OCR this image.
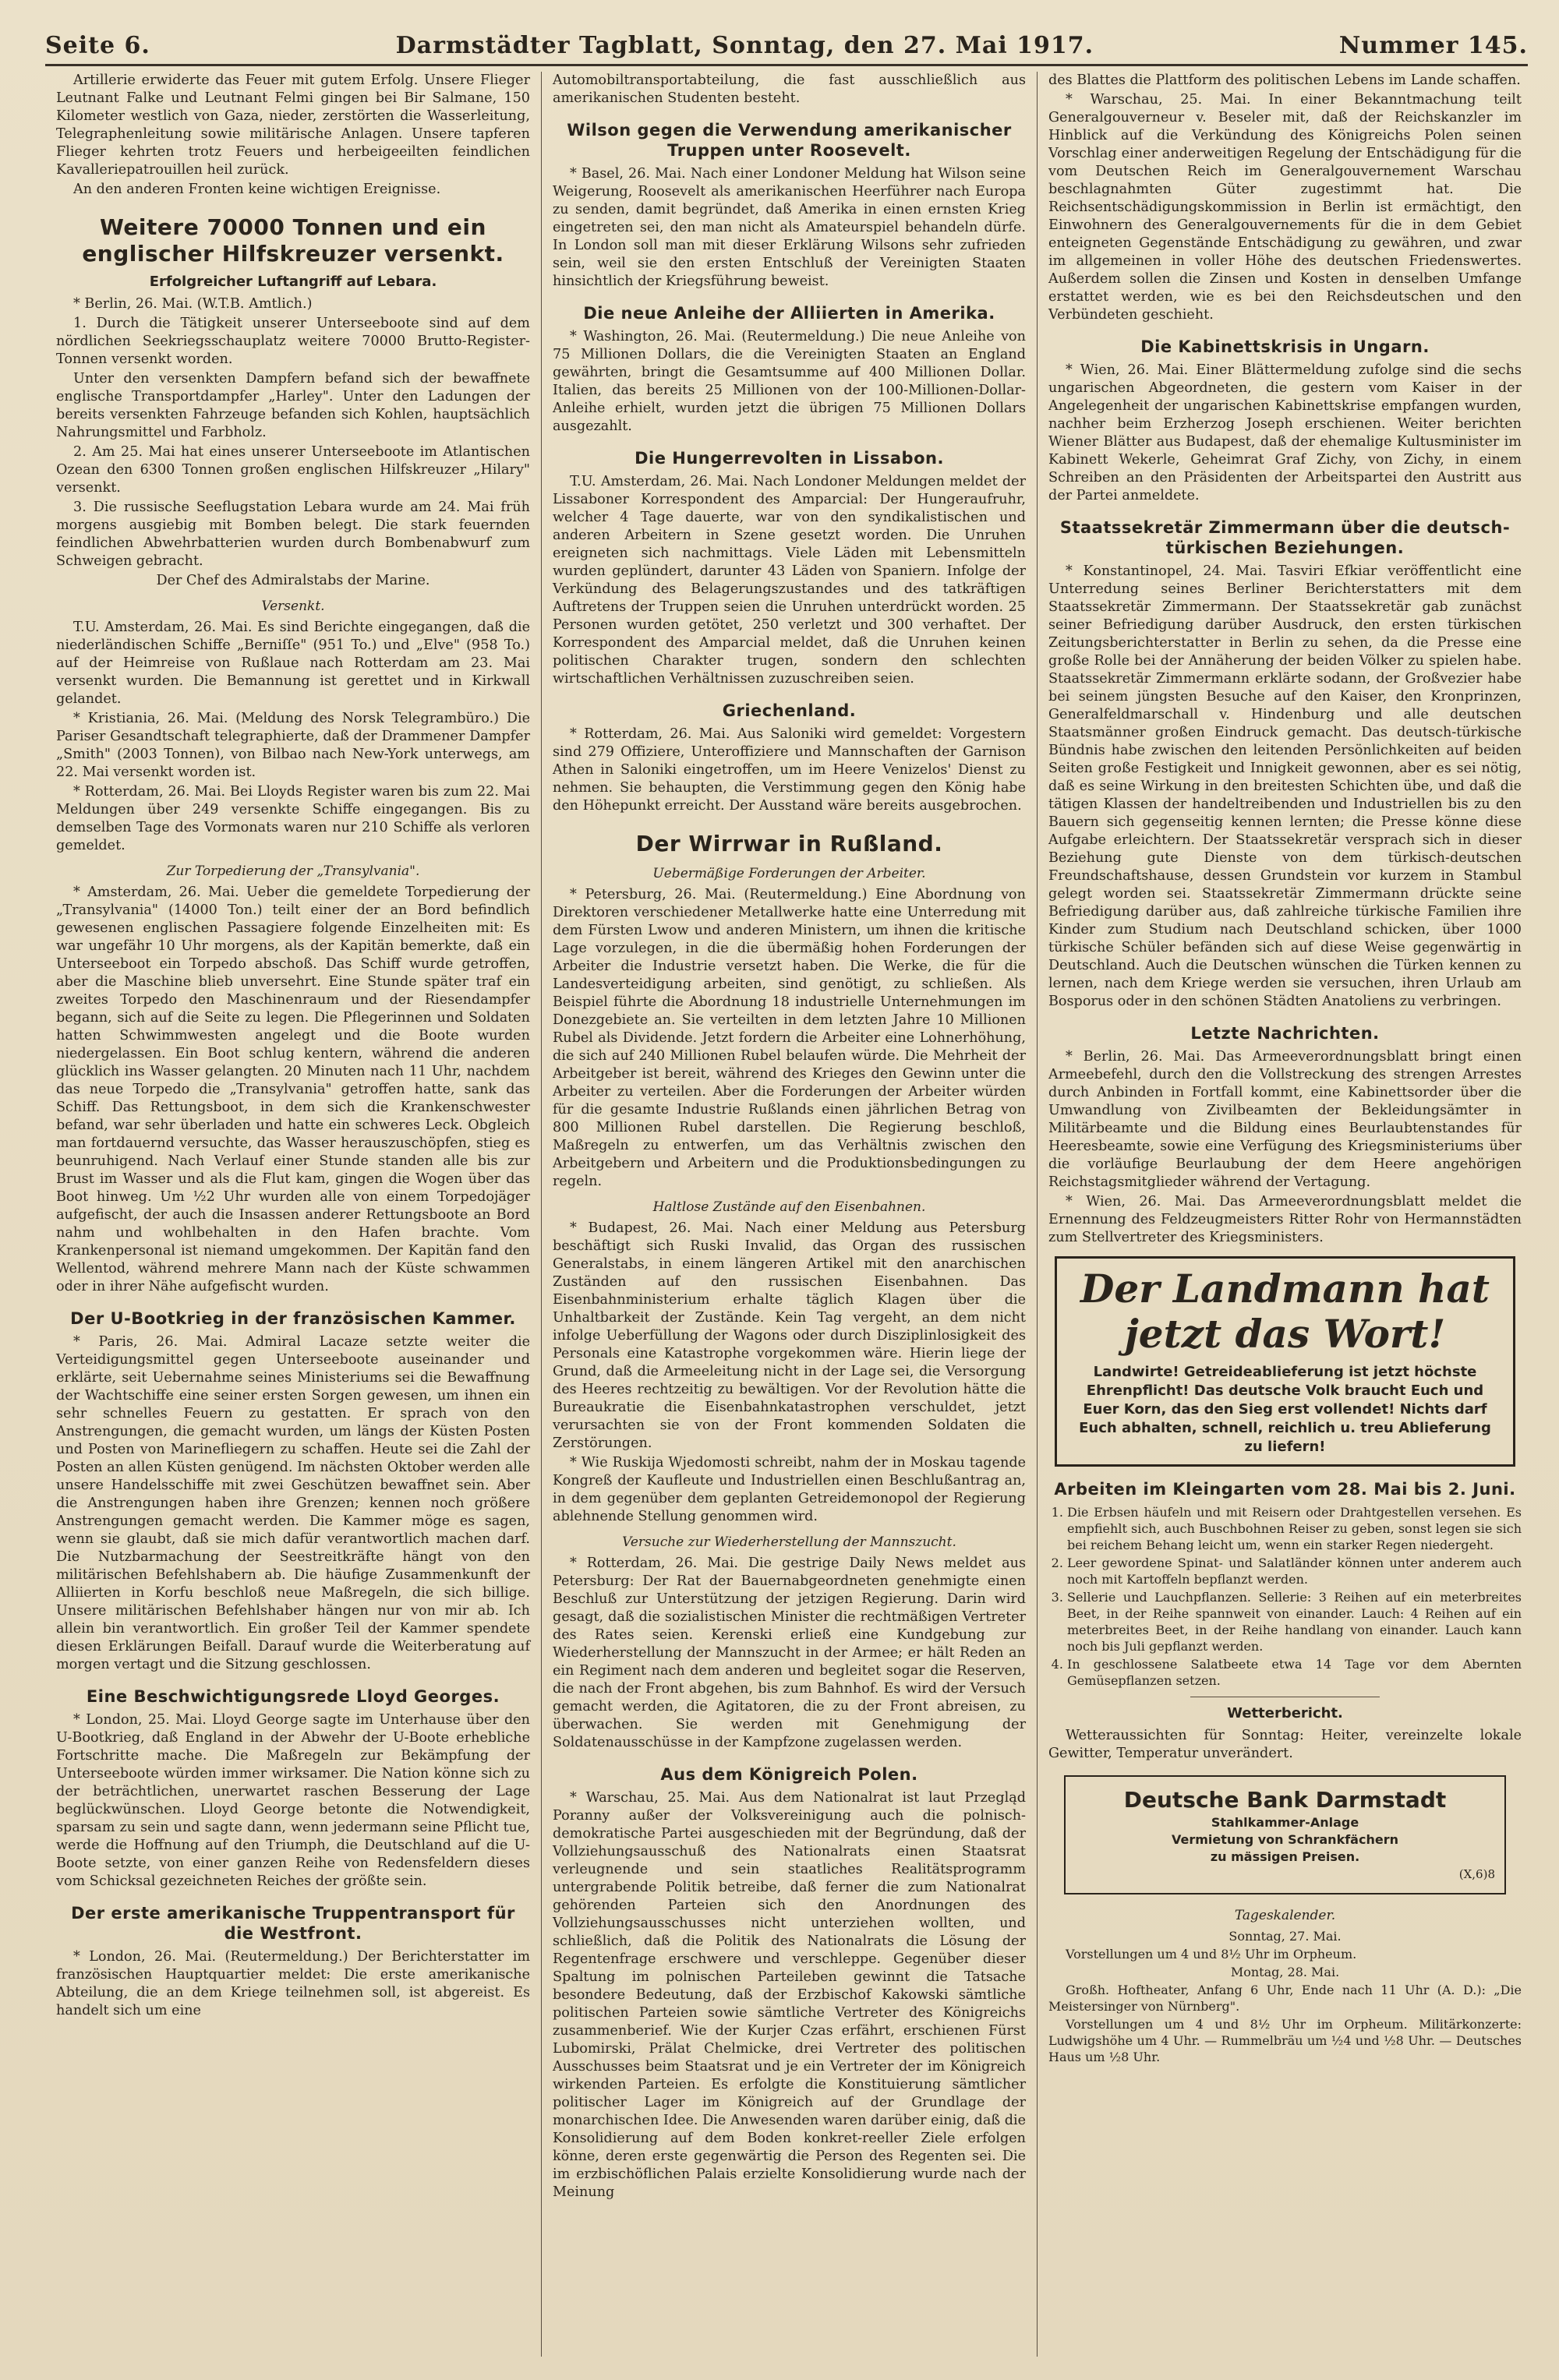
Seite 6.	Darmstädter Tagblatt, Sonntag, den 27. Mai 1917.	Nummer 145.

Artillerie erwiderte das Feuer mit gutem Erfolg. Unsere Flieger Leutnant Falke und Leutnant Felmi gingen bei Bir Salmane, 150 Kilometer westlich von Gaza, nieder, zerstörten die Wasserleitung, Telegraphenleitung sowie militärische Anlagen. Unsere tapferen Flieger kehrten trotz Feuers und herbeigeeilten feindlichen Kavalleriepatrouillen heil zurück.

An den anderen Fronten keine wichtigen Ereignisse.

Weitere 70000 Tonnen und ein englischer Hilfskreuzer versenkt.
Erfolgreicher Luftangriff auf Lebara.

* Berlin, 26. Mai. (W.T.B. Amtlich.)

1. Durch die Tätigkeit unserer Unterseeboote sind auf dem nördlichen Seekriegsschauplatz weitere 70000 Brutto-Register-Tonnen versenkt worden.

Unter den versenkten Dampfern befand sich der bewaffnete englische Transportdampfer „Harley". Unter den Ladungen der bereits versenkten Fahrzeuge befanden sich Kohlen, hauptsächlich Nahrungsmittel und Farbholz.

2. Am 25. Mai hat eines unserer Unterseeboote im Atlantischen Ozean den 6300 Tonnen großen englischen Hilfskreuzer „Hilary" versenkt.

3. Die russische Seeflugstation Lebara wurde am 24. Mai früh morgens ausgiebig mit Bomben belegt. Die stark feuernden feindlichen Abwehrbatterien wurden durch Bombenabwurf zum Schweigen gebracht.

Der Chef des Admiralstabs der Marine.

Versenkt.

T.U. Amsterdam, 26. Mai. Es sind Berichte eingegangen, daß die niederländischen Schiffe „Berniſſe" (951 To.) und „Elve" (958 To.) auf der Heimreise von Rußlaue nach Rotterdam am 23. Mai versenkt wurden. Die Bemannung ist gerettet und in Kirkwall gelandet.

* Kristiania, 26. Mai. (Meldung des Norsk Telegrambüro.) Die Pariser Gesandtschaft telegraphierte, daß der Drammener Dampfer „Smith" (2003 Tonnen), von Bilbao nach New-York unterwegs, am 22. Mai versenkt worden ist.

* Rotterdam, 26. Mai. Bei Lloyds Register waren bis zum 22. Mai Meldungen über 249 versenkte Schiffe eingegangen. Bis zu demselben Tage des Vormonats waren nur 210 Schiffe als verloren gemeldet.

Zur Torpedierung der „Transylvania".

* Amsterdam, 26. Mai. Ueber die gemeldete Torpedierung der „Transylvania" (14000 Ton.) teilt einer der an Bord befindlich gewesenen englischen Passagiere folgende Einzelheiten mit: Es war ungefähr 10 Uhr morgens, als der Kapitän bemerkte, daß ein Unterseeboot ein Torpedo abschoß. Das Schiff wurde getroffen, aber die Maschine blieb unversehrt. Eine Stunde später traf ein zweites Torpedo den Maschinenraum und der Riesendampfer begann, sich auf die Seite zu legen. Die Pflegerinnen und Soldaten hatten Schwimmwesten angelegt und die Boote wurden niedergelassen. Ein Boot schlug kentern, während die anderen glücklich ins Wasser gelangten. 20 Minuten nach 11 Uhr, nachdem das neue Torpedo die „Transylvania" getroffen hatte, sank das Schiff. Das Rettungsboot, in dem sich die Krankenschwester befand, war sehr überladen und hatte ein schweres Leck. Obgleich man fortdauernd versuchte, das Wasser herauszuschöpfen, stieg es beunruhigend. Nach Verlauf einer Stunde standen alle bis zur Brust im Wasser und als die Flut kam, gingen die Wogen über das Boot hinweg. Um ½2 Uhr wurden alle von einem Torpedojäger aufgefischt, der auch die Insassen anderer Rettungsboote an Bord nahm und wohlbehalten in den Hafen brachte. Vom Krankenpersonal ist niemand umgekommen. Der Kapitän fand den Wellentod, während mehrere Mann nach der Küste schwammen oder in ihrer Nähe aufgefischt wurden.

Der U-Bootkrieg in der französischen Kammer.

* Paris, 26. Mai. Admiral Lacaze setzte weiter die Verteidigungsmittel gegen Unterseeboote auseinander und erklärte, seit Uebernahme seines Ministeriums sei die Bewaffnung der Wachtschiffe eine seiner ersten Sorgen gewesen, um ihnen ein sehr schnelles Feuern zu gestatten. Er sprach von den Anstrengungen, die gemacht wurden, um längs der Küsten Posten und Posten von Marinefliegern zu schaffen. Heute sei die Zahl der Posten an allen Küsten genügend. Im nächsten Oktober werden alle unsere Handelsschiffe mit zwei Geschützen bewaffnet sein. Aber die Anstrengungen haben ihre Grenzen; kennen noch größere Anstrengungen gemacht werden. Die Kammer möge es sagen, wenn sie glaubt, daß sie mich dafür verantwortlich machen darf. Die Nutzbarmachung der Seestreitkräfte hängt von den militärischen Befehlshabern ab. Die häufige Zusammenkunft der Alliierten in Korfu beschloß neue Maßregeln, die sich billige. Unsere militärischen Befehlshaber hängen nur von mir ab. Ich allein bin verantwortlich. Ein großer Teil der Kammer spendete diesen Erklärungen Beifall. Darauf wurde die Weiterberatung auf morgen vertagt und die Sitzung geschlossen.

Eine Beschwichtigungsrede Lloyd Georges.

* London, 25. Mai. Lloyd George sagte im Unterhause über den U-Bootkrieg, daß England in der Abwehr der U-Boote erhebliche Fortschritte mache. Die Maßregeln zur Bekämpfung der Unterseeboote würden immer wirksamer. Die Nation könne sich zu der beträchtlichen, unerwartet raschen Besserung der Lage beglückwünschen. Lloyd George betonte die Notwendigkeit, sparsam zu sein und sagte dann, wenn jedermann seine Pflicht tue, werde die Hoffnung auf den Triumph, die Deutschland auf die U-Boote setzte, von einer ganzen Reihe von Redensfeldern dieses vom Schicksal gezeichneten Reiches der größte sein.

Der erste amerikanische Truppentransport für die Westfront.

* London, 26. Mai. (Reutermeldung.) Der Berichterstatter im französischen Hauptquartier meldet: Die erste amerikanische Abteilung, die an dem Kriege teilnehmen soll, ist abgereist. Es handelt sich um eine

Automobiltransportabteilung, die fast ausschließlich aus amerikanischen Studenten besteht.

Wilson gegen die Verwendung amerikanischer Truppen unter Roosevelt.

* Basel, 26. Mai. Nach einer Londoner Meldung hat Wilson seine Weigerung, Roosevelt als amerikanischen Heerführer nach Europa zu senden, damit begründet, daß Amerika in einen ernsten Krieg eingetreten sei, den man nicht als Amateurspiel behandeln dürfe. In London soll man mit dieser Erklärung Wilsons sehr zufrieden sein, weil sie den ersten Entschluß der Vereinigten Staaten hinsichtlich der Kriegsführung beweist.

Die neue Anleihe der Alliierten in Amerika.

* Washington, 26. Mai. (Reutermeldung.) Die neue Anleihe von 75 Millionen Dollars, die die Vereinigten Staaten an England gewährten, bringt die Gesamtsumme auf 400 Millionen Dollar. Italien, das bereits 25 Millionen von der 100-Millionen-Dollar-Anleihe erhielt, wurden jetzt die übrigen 75 Millionen Dollars ausgezahlt.

Die Hungerrevolten in Lissabon.

T.U. Amsterdam, 26. Mai. Nach Londoner Meldungen meldet der Lissaboner Korrespondent des Amparcial: Der Hungeraufruhr, welcher 4 Tage dauerte, war von den syndikalistischen und anderen Arbeitern in Szene gesetzt worden. Die Unruhen ereigneten sich nachmittags. Viele Läden mit Lebensmitteln wurden geplündert, darunter 43 Läden von Spaniern. Infolge der Verkündung des Belagerungszustandes und des tatkräftigen Auftretens der Truppen seien die Unruhen unterdrückt worden. 25 Personen wurden getötet, 250 verletzt und 300 verhaftet. Der Korrespondent des Amparcial meldet, daß die Unruhen keinen politischen Charakter trugen, sondern den schlechten wirtschaftlichen Verhältnissen zuzuschreiben seien.

Griechenland.

* Rotterdam, 26. Mai. Aus Saloniki wird gemeldet: Vorgestern sind 279 Offiziere, Unteroffiziere und Mannschaften der Garnison Athen in Saloniki eingetroffen, um im Heere Venizelos' Dienst zu nehmen. Sie behaupten, die Verstimmung gegen den König habe den Höhepunkt erreicht. Der Ausstand wäre bereits ausgebrochen.

Der Wirrwar in Rußland.
Uebermäßige Forderungen der Arbeiter.

* Petersburg, 26. Mai. (Reutermeldung.) Eine Abordnung von Direktoren verschiedener Metallwerke hatte eine Unterredung mit dem Fürsten Lwow und anderen Ministern, um ihnen die kritische Lage vorzulegen, in die die übermäßig hohen Forderungen der Arbeiter die Industrie versetzt haben. Die Werke, die für die Landesverteidigung arbeiten, sind genötigt, zu schließen. Als Beispiel führte die Abordnung 18 industrielle Unternehmungen im Donezgebiete an. Sie verteilten in dem letzten Jahre 10 Millionen Rubel als Dividende. Jetzt fordern die Arbeiter eine Lohnerhöhung, die sich auf 240 Millionen Rubel belaufen würde. Die Mehrheit der Arbeitgeber ist bereit, während des Krieges den Gewinn unter die Arbeiter zu verteilen. Aber die Forderungen der Arbeiter würden für die gesamte Industrie Rußlands einen jährlichen Betrag von 800 Millionen Rubel darstellen. Die Regierung beschloß, Maßregeln zu entwerfen, um das Verhältnis zwischen den Arbeitgebern und Arbeitern und die Produktionsbedingungen zu regeln.

Haltlose Zustände auf den Eisenbahnen.

* Budapest, 26. Mai. Nach einer Meldung aus Petersburg beschäftigt sich Ruski Invalid, das Organ des russischen Generalstabs, in einem längeren Artikel mit den anarchischen Zuständen auf den russischen Eisenbahnen. Das Eisenbahnministerium erhalte täglich Klagen über die Unhaltbarkeit der Zustände. Kein Tag vergeht, an dem nicht infolge Ueberfüllung der Wagons oder durch Disziplinlosigkeit des Personals eine Katastrophe vorgekommen wäre. Hierin liege der Grund, daß die Armeeleitung nicht in der Lage sei, die Versorgung des Heeres rechtzeitig zu bewältigen. Vor der Revolution hätte die Bureaukratie die Eisenbahnkatastrophen verschuldet, jetzt verursachten sie von der Front kommenden Soldaten die Zerstörungen.

* Wie Ruskija Wjedomosti schreibt, nahm der in Moskau tagende Kongreß der Kaufleute und Industriellen einen Beschlußantrag an, in dem gegenüber dem geplanten Getreidemonopol der Regierung ablehnende Stellung genommen wird.

Versuche zur Wiederherstellung der Mannszucht.

* Rotterdam, 26. Mai. Die gestrige Daily News meldet aus Petersburg: Der Rat der Bauernabgeordneten genehmigte einen Beschluß zur Unterstützung der jetzigen Regierung. Darin wird gesagt, daß die sozialistischen Minister die rechtmäßigen Vertreter des Rates seien. Kerenski erließ eine Kundgebung zur Wiederherstellung der Mannszucht in der Armee; er hält Reden an ein Regiment nach dem anderen und begleitet sogar die Reserven, die nach der Front abgehen, bis zum Bahnhof. Es wird der Versuch gemacht werden, die Agitatoren, die zu der Front abreisen, zu überwachen. Sie werden mit Genehmigung der Soldatenausschüsse in der Kampfzone zugelassen werden.

Aus dem Königreich Polen.

* Warschau, 25. Mai. Aus dem Nationalrat ist laut Przegląd Poranny außer der Volksvereinigung auch die polnisch-demokratische Partei ausgeschieden mit der Begründung, daß der Vollziehungsausschuß des Nationalrats einen Staatsrat verleugnende und sein staatliches Realitätsprogramm untergrabende Politik betreibe, daß ferner die zum Nationalrat gehörenden Parteien sich den Anordnungen des Vollziehungsausschusses nicht unterziehen wollten, und schließlich, daß die Politik des Nationalrats die Lösung der Regentenfrage erschwere und verschleppe. Gegenüber dieser Spaltung im polnischen Parteileben gewinnt die Tatsache besondere Bedeutung, daß der Erzbischof Kakowski sämtliche politischen Parteien sowie sämtliche Vertreter des Königreichs zusammenberief. Wie der Kurjer Czas erfährt, erschienen Fürst Lubomirski, Prälat Chelmicke, drei Vertreter des politischen Ausschusses beim Staatsrat und je ein Vertreter der im Königreich wirkenden Parteien. Es erfolgte die Konstituierung sämtlicher politischer Lager im Königreich auf der Grundlage der monarchischen Idee. Die Anwesenden waren darüber einig, daß die Konsolidierung auf dem Boden konkret-reeller Ziele erfolgen könne, deren erste gegenwärtig die Person des Regenten sei. Die im erzbischöflichen Palais erzielte Konsolidierung wurde nach der Meinung

des Blattes die Plattform des politischen Lebens im Lande schaffen.

* Warschau, 25. Mai. In einer Bekanntmachung teilt Generalgouverneur v. Beseler mit, daß der Reichskanzler im Hinblick auf die Verkündung des Königreichs Polen seinen Vorschlag einer anderweitigen Regelung der Entschädigung für die vom Deutschen Reich im Generalgouvernement Warschau beschlagnahmten Güter zugestimmt hat. Die Reichsentschädigungskommission in Berlin ist ermächtigt, den Einwohnern des Generalgouvernements für die in dem Gebiet enteigneten Gegenstände Entschädigung zu gewähren, und zwar im allgemeinen in voller Höhe des deutschen Friedenswertes. Außerdem sollen die Zinsen und Kosten in denselben Umfange erstattet werden, wie es bei den Reichsdeutschen und den Verbündeten geschieht.

Die Kabinettskrisis in Ungarn.

* Wien, 26. Mai. Einer Blättermeldung zufolge sind die sechs ungarischen Abgeordneten, die gestern vom Kaiser in der Angelegenheit der ungarischen Kabinettskrise empfangen wurden, nachher beim Erzherzog Joseph erschienen. Weiter berichten Wiener Blätter aus Budapest, daß der ehemalige Kultusminister im Kabinett Wekerle, Geheimrat Graf Zichy, von Zichy, in einem Schreiben an den Präsidenten der Arbeitspartei den Austritt aus der Partei anmeldete.

Staatssekretär Zimmermann über die deutsch-türkischen Beziehungen.

* Konstantinopel, 24. Mai. Tasviri Efkiar veröffentlicht eine Unterredung seines Berliner Berichterstatters mit dem Staatssekretär Zimmermann. Der Staatssekretär gab zunächst seiner Befriedigung darüber Ausdruck, den ersten türkischen Zeitungsberichterstatter in Berlin zu sehen, da die Presse eine große Rolle bei der Annäherung der beiden Völker zu spielen habe. Staatssekretär Zimmermann erklärte sodann, der Großvezier habe bei seinem jüngsten Besuche auf den Kaiser, den Kronprinzen, Generalfeldmarschall v. Hindenburg und alle deutschen Staatsmänner großen Eindruck gemacht. Das deutsch-türkische Bündnis habe zwischen den leitenden Persönlichkeiten auf beiden Seiten große Festigkeit und Innigkeit gewonnen, aber es sei nötig, daß es seine Wirkung in den breitesten Schichten übe, und daß die tätigen Klassen der handeltreibenden und Industriellen bis zu den Bauern sich gegenseitig kennen lernten; die Presse könne diese Aufgabe erleichtern. Der Staatssekretär versprach sich in dieser Beziehung gute Dienste von dem türkisch-deutschen Freundschaftshause, dessen Grundstein vor kurzem in Stambul gelegt worden sei. Staatssekretär Zimmermann drückte seine Befriedigung darüber aus, daß zahlreiche türkische Familien ihre Kinder zum Studium nach Deutschland schicken, über 1000 türkische Schüler befänden sich auf diese Weise gegenwärtig in Deutschland. Auch die Deutschen wünschen die Türken kennen zu lernen, nach dem Kriege werden sie versuchen, ihren Urlaub am Bosporus oder in den schönen Städten Anatoliens zu verbringen.

Letzte Nachrichten.

* Berlin, 26. Mai. Das Armeeverordnungsblatt bringt einen Armeebefehl, durch den die Vollstreckung des strengen Arrestes durch Anbinden in Fortfall kommt, eine Kabinettsorder über die Umwandlung von Zivilbeamten der Bekleidungsämter in Militärbeamte und die Bildung eines Beurlaubtenstandes für Heeresbeamte, sowie eine Verfügung des Kriegsministeriums über die vorläufige Beurlaubung der dem Heere angehörigen Reichstagsmitglieder während der Vertagung.

* Wien, 26. Mai. Das Armeeverordnungsblatt meldet die Ernennung des Feldzeugmeisters Ritter Rohr von Hermannstädten zum Stellvertreter des Kriegsministers.

Der Landmann hat jetzt das Wort!
Landwirte! Getreideablieferung ist jetzt höchste Ehrenpflicht! Das deutsche Volk braucht Euch und Euer Korn, das den Sieg erst vollendet! Nichts darf Euch abhalten, schnell, reichlich u. treu Ablieferung zu liefern!
Arbeiten im Kleingarten vom 28. Mai bis 2. Juni.
1. Die Erbsen häufeln und mit Reisern oder Drahtgestellen versehen. Es empfiehlt sich, auch Buschbohnen Reiser zu geben, sonst legen sie sich bei reichem Behang leicht um, wenn ein starker Regen niedergeht.
2. Leer gewordene Spinat- und Salatländer können unter anderem auch noch mit Kartoffeln bepflanzt werden.
3. Sellerie und Lauchpflanzen. Sellerie: 3 Reihen auf ein meterbreites Beet, in der Reihe spannweit von einander. Lauch: 4 Reihen auf ein meterbreites Beet, in der Reihe handlang von einander. Lauch kann noch bis Juli gepflanzt werden.
4. In geschlossene Salatbeete etwa 14 Tage vor dem Abernten Gemüsepflanzen setzen.
Wetterbericht.

Wetteraussichten für Sonntag: Heiter, vereinzelte lokale Gewitter, Temperatur unverändert.

Deutsche Bank Darmstadt
Stahlkammer-Anlage
Vermietung von Schrankfächern
zu mässigen Preisen.
(X,6)8
Tageskalender.

Sonntag, 27. Mai.

Vorstellungen um 4 und 8½ Uhr im Orpheum.

Montag, 28. Mai.

Großh. Hoftheater, Anfang 6 Uhr, Ende nach 11 Uhr (A. D.): „Die Meistersinger von Nürnberg".

Vorstellungen um 4 und 8½ Uhr im Orpheum. Militärkonzerte: Ludwigshöhe um 4 Uhr. — Rummelbräu um ½4 und ½8 Uhr. — Deutsches Haus um ½8 Uhr.
